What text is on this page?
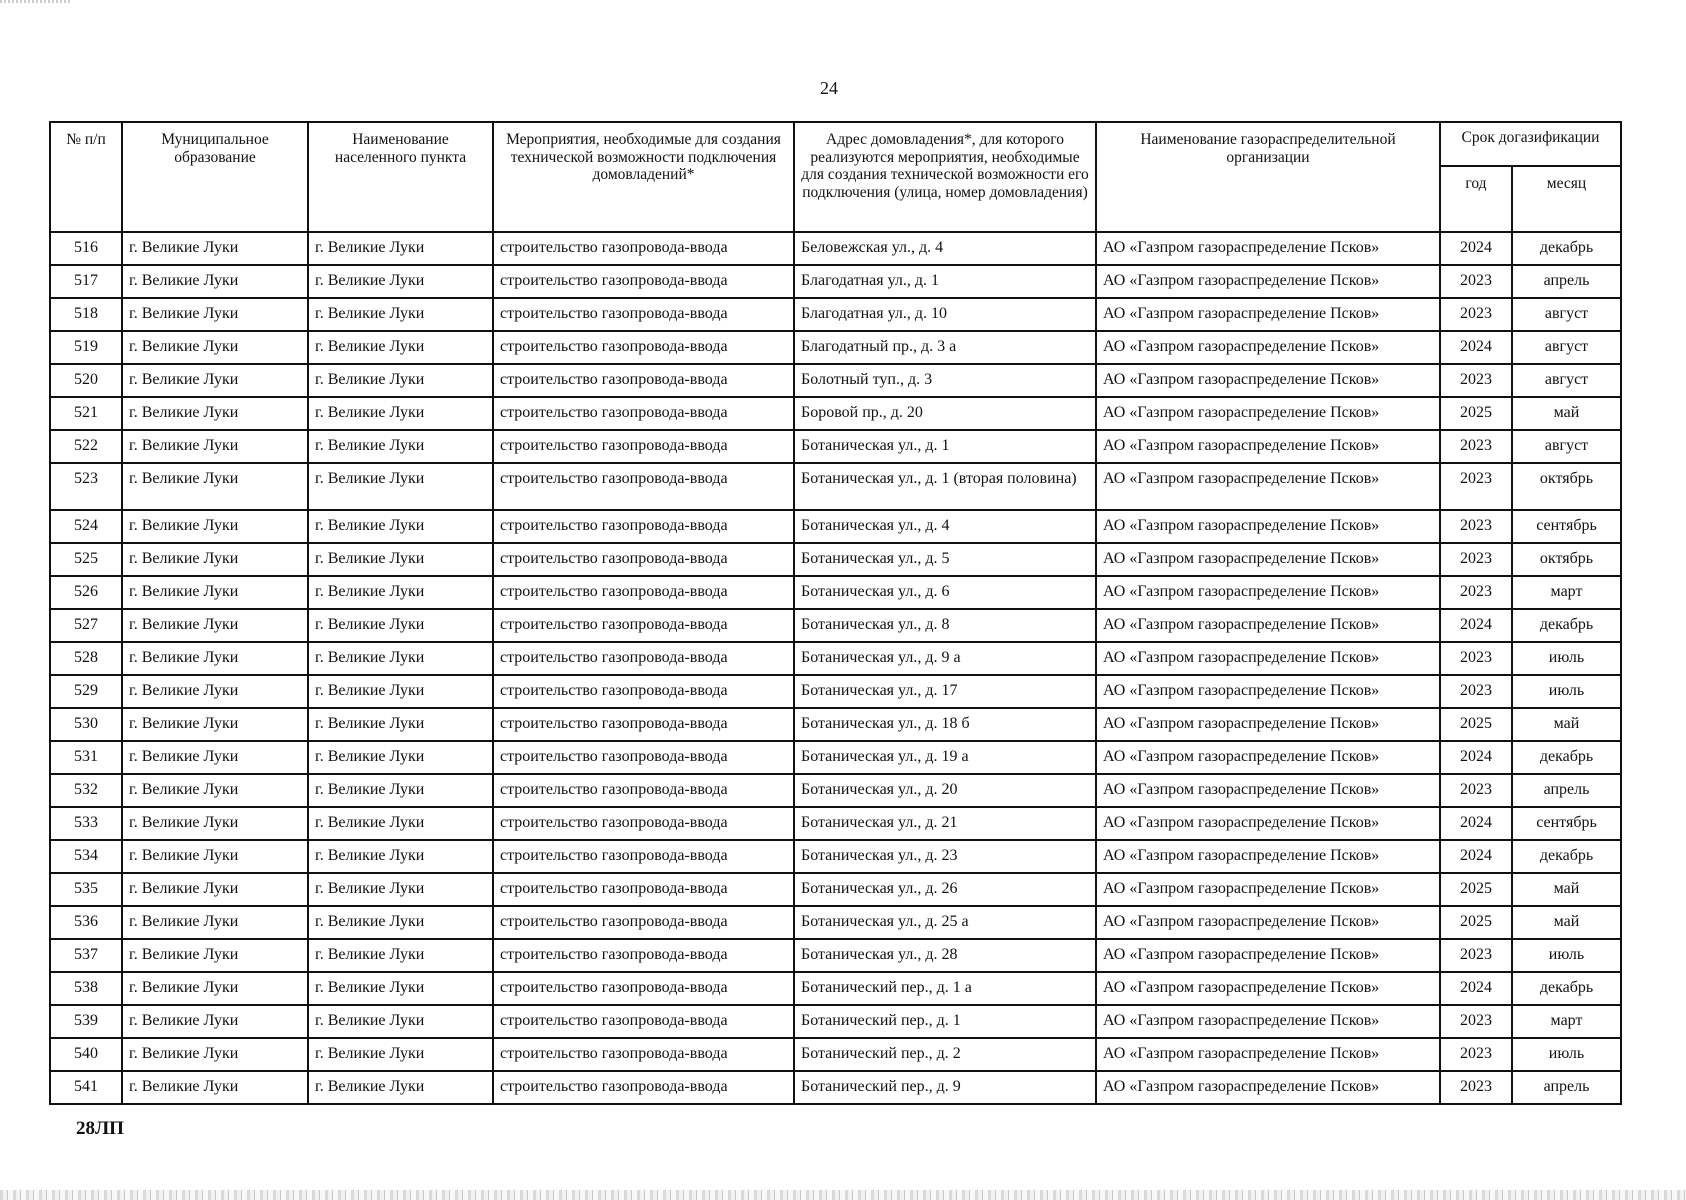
24
№ п/п	Муниципальное образование	Наименование населенного пункта	Мероприятия, необходимые для создания технической возможности подключения домовладений*	Адрес домовладения*, для которого реализуются мероприятия, необходимые для создания технической возможности его подключения (улица, номер домовладения)	Наименование газораспределительной организации	Срок догазификации	
						год	месяц
516	г. Великие Луки	г. Великие Луки	строительство газопровода-ввода	Беловежская ул., д. 4	АО «Газпром газораспределение Псков»	2024	декабрь
517	г. Великие Луки	г. Великие Луки	строительство газопровода-ввода	Благодатная ул., д. 1	АО «Газпром газораспределение Псков»	2023	апрель
518	г. Великие Луки	г. Великие Луки	строительство газопровода-ввода	Благодатная ул., д. 10	АО «Газпром газораспределение Псков»	2023	август
519	г. Великие Луки	г. Великие Луки	строительство газопровода-ввода	Благодатный пр., д. 3 а	АО «Газпром газораспределение Псков»	2024	август
520	г. Великие Луки	г. Великие Луки	строительство газопровода-ввода	Болотный туп., д. 3	АО «Газпром газораспределение Псков»	2023	август
521	г. Великие Луки	г. Великие Луки	строительство газопровода-ввода	Боровой пр., д. 20	АО «Газпром газораспределение Псков»	2025	май
522	г. Великие Луки	г. Великие Луки	строительство газопровода-ввода	Ботаническая ул., д. 1	АО «Газпром газораспределение Псков»	2023	август
523	г. Великие Луки	г. Великие Луки	строительство газопровода-ввода	Ботаническая ул., д. 1 (вторая половина)	АО «Газпром газораспределение Псков»	2023	октябрь
524	г. Великие Луки	г. Великие Луки	строительство газопровода-ввода	Ботаническая ул., д. 4	АО «Газпром газораспределение Псков»	2023	сентябрь
525	г. Великие Луки	г. Великие Луки	строительство газопровода-ввода	Ботаническая ул., д. 5	АО «Газпром газораспределение Псков»	2023	октябрь
526	г. Великие Луки	г. Великие Луки	строительство газопровода-ввода	Ботаническая ул., д. 6	АО «Газпром газораспределение Псков»	2023	март
527	г. Великие Луки	г. Великие Луки	строительство газопровода-ввода	Ботаническая ул., д. 8	АО «Газпром газораспределение Псков»	2024	декабрь
528	г. Великие Луки	г. Великие Луки	строительство газопровода-ввода	Ботаническая ул., д. 9 а	АО «Газпром газораспределение Псков»	2023	июль
529	г. Великие Луки	г. Великие Луки	строительство газопровода-ввода	Ботаническая ул., д. 17	АО «Газпром газораспределение Псков»	2023	июль
530	г. Великие Луки	г. Великие Луки	строительство газопровода-ввода	Ботаническая ул., д. 18 б	АО «Газпром газораспределение Псков»	2025	май
531	г. Великие Луки	г. Великие Луки	строительство газопровода-ввода	Ботаническая ул., д. 19 а	АО «Газпром газораспределение Псков»	2024	декабрь
532	г. Великие Луки	г. Великие Луки	строительство газопровода-ввода	Ботаническая ул., д. 20	АО «Газпром газораспределение Псков»	2023	апрель
533	г. Великие Луки	г. Великие Луки	строительство газопровода-ввода	Ботаническая ул., д. 21	АО «Газпром газораспределение Псков»	2024	сентябрь
534	г. Великие Луки	г. Великие Луки	строительство газопровода-ввода	Ботаническая ул., д. 23	АО «Газпром газораспределение Псков»	2024	декабрь
535	г. Великие Луки	г. Великие Луки	строительство газопровода-ввода	Ботаническая ул., д. 26	АО «Газпром газораспределение Псков»	2025	май
536	г. Великие Луки	г. Великие Луки	строительство газопровода-ввода	Ботаническая ул., д. 25 а	АО «Газпром газораспределение Псков»	2025	май
537	г. Великие Луки	г. Великие Луки	строительство газопровода-ввода	Ботаническая ул., д. 28	АО «Газпром газораспределение Псков»	2023	июль
538	г. Великие Луки	г. Великие Луки	строительство газопровода-ввода	Ботанический пер., д. 1 а	АО «Газпром газораспределение Псков»	2024	декабрь
539	г. Великие Луки	г. Великие Луки	строительство газопровода-ввода	Ботанический пер., д. 1	АО «Газпром газораспределение Псков»	2023	март
540	г. Великие Луки	г. Великие Луки	строительство газопровода-ввода	Ботанический пер., д. 2	АО «Газпром газораспределение Псков»	2023	июль
541	г. Великие Луки	г. Великие Луки	строительство газопровода-ввода	Ботанический пер., д. 9	АО «Газпром газораспределение Псков»	2023	апрель
28ЛП
